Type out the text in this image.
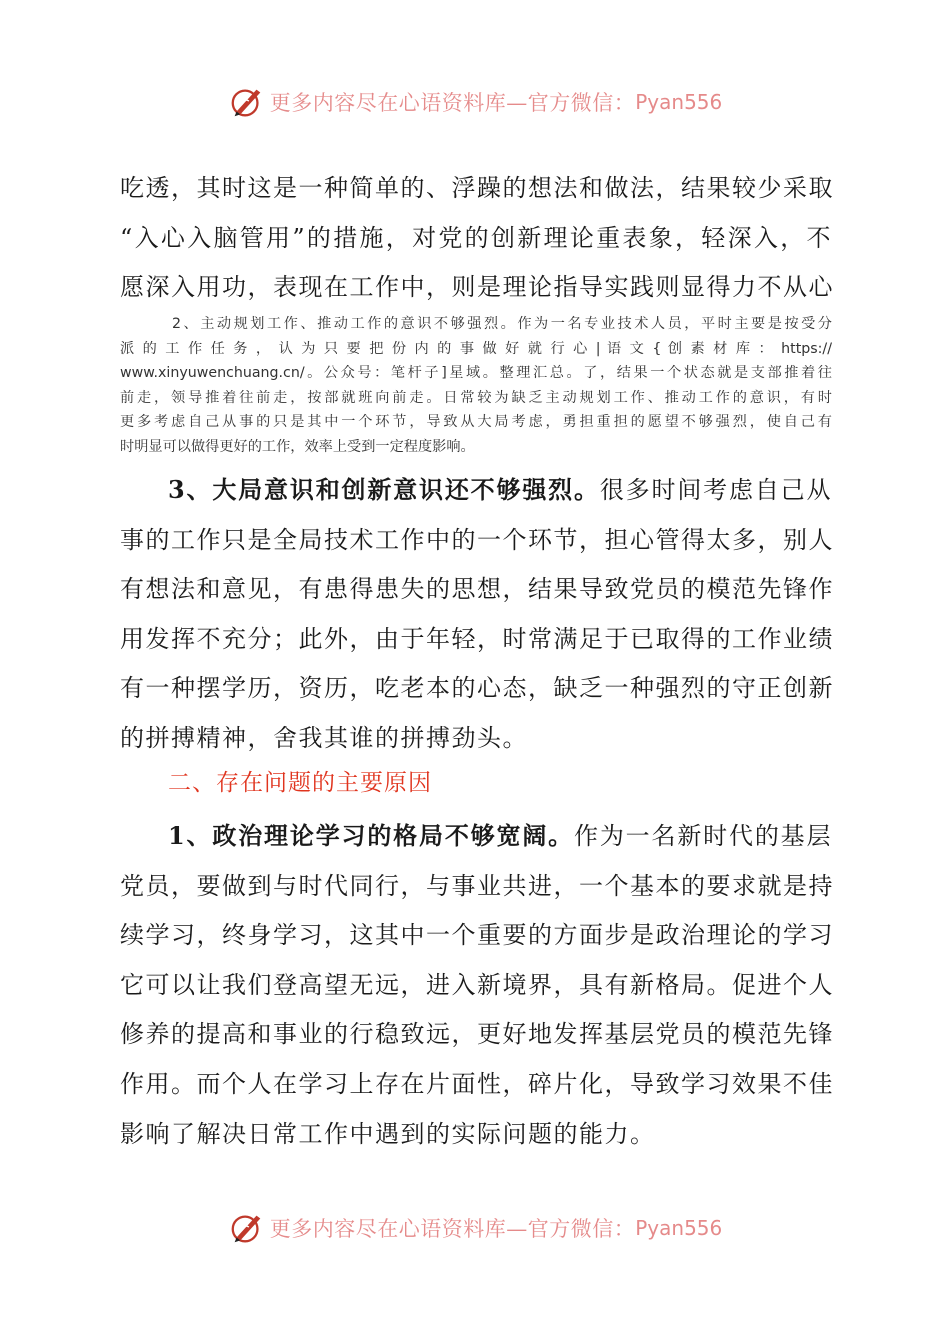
更多内容尽在心语资料库—官方微信： Pyan556
吃透，其时这是一种简单的、浮躁的想法和做法，结果较少采取
“入心入脑管用”的措施，对党的创新理论重表象，轻深入，不
愿深入用功，表现在工作中，则是理论指导实践则显得力不从心
2、主动规划工作、推动工作的意识不够强烈。作为一名专业技术人员，平时主要是按受分
派 的 工 作 任 务 ， 认 为 只 要 把 份 内 的 事 做 好 就 行 心 | 语 文 { 创 素 材 库 ： https://
www.xinyuwenchuang.cn/。公众号：笔杆子]星域。整理汇总。了，结果一个状态就是支部推着往
前走，领导推着往前走，按部就班向前走。日常较为缺乏主动规划工作、推动工作的意识，有时
更多考虑自己从事的只是其中一个环节，导致从大局考虑，勇担重担的愿望不够强烈，使自己有
时明显可以做得更好的工作，效率上受到一定程度影响。
3、大局意识和创新意识还不够强烈。很多时间考虑自己从
事的工作只是全局技术工作中的一个环节，担心管得太多，别人
有想法和意见，有患得患失的思想，结果导致党员的模范先锋作
用发挥不充分；此外，由于年轻，时常满足于已取得的工作业绩
有一种摆学历，资历，吃老本的心态，缺乏一种强烈的守正创新
的拼搏精神，舍我其谁的拼搏劲头。
二、存在问题的主要原因
1、政治理论学习的格局不够宽阔。作为一名新时代的基层
党员，要做到与时代同行，与事业共进，一个基本的要求就是持
续学习，终身学习，这其中一个重要的方面步是政治理论的学习
它可以让我们登高望无远，进入新境界，具有新格局。促进个人
修养的提高和事业的行稳致远，更好地发挥基层党员的模范先锋
作用。而个人在学习上存在片面性，碎片化，导致学习效果不佳
影响了解决日常工作中遇到的实际问题的能力。
更多内容尽在心语资料库—官方微信： Pyan556
